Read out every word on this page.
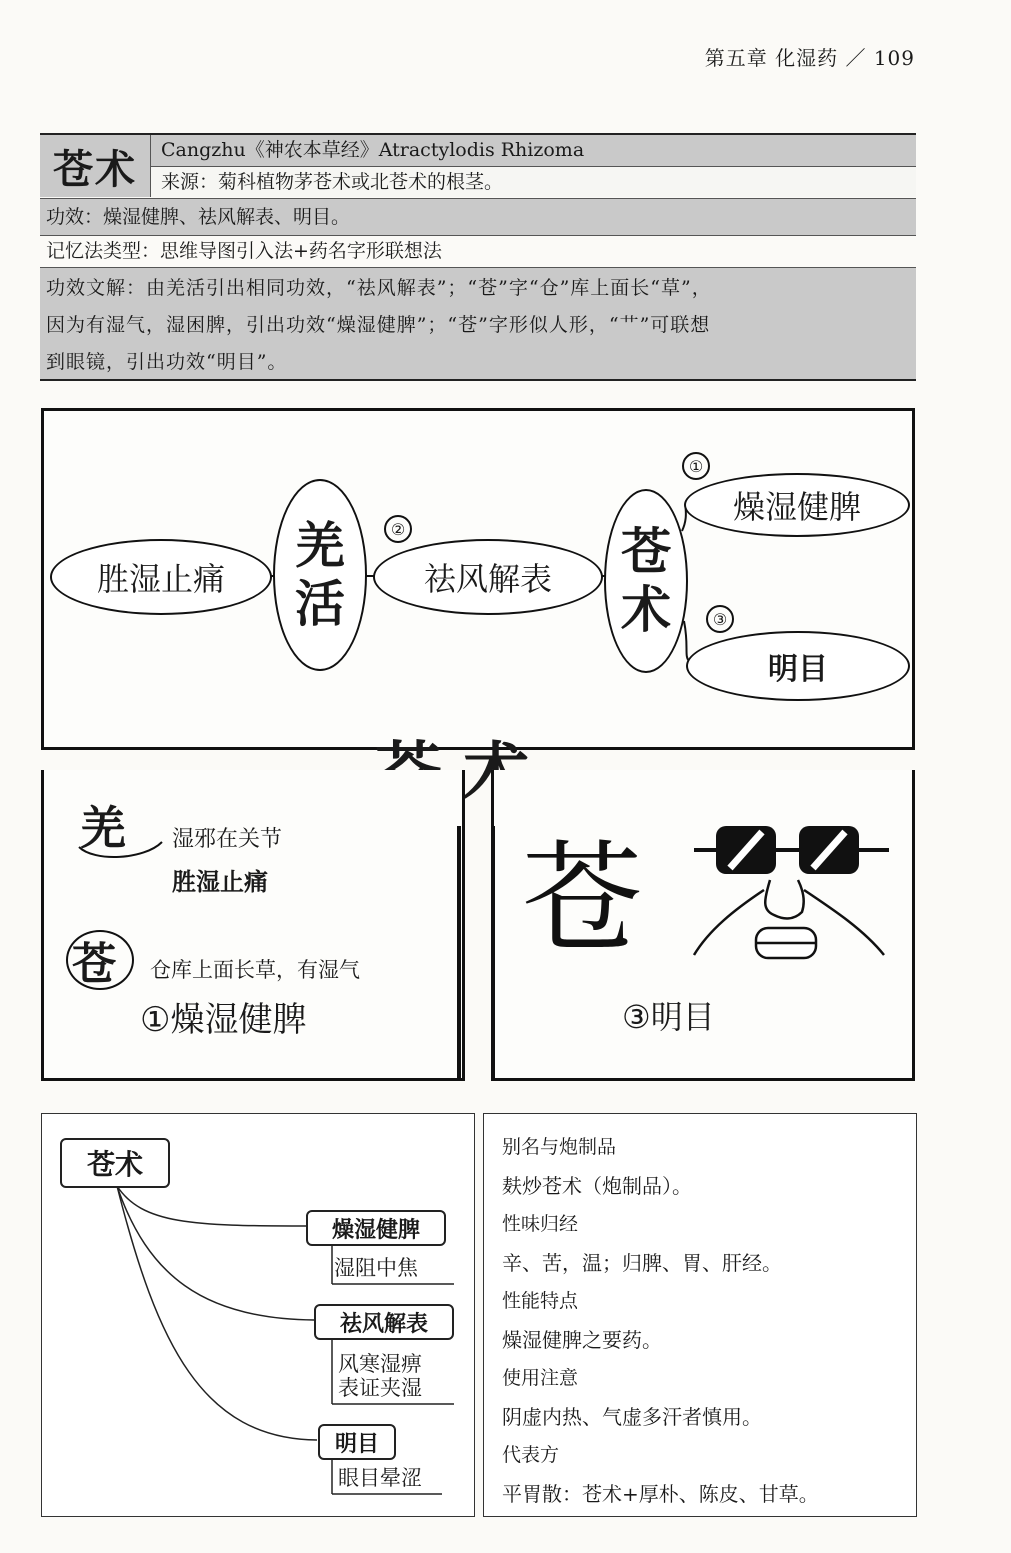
第五章 化湿药 ／ 109
苍术	Cangzhu《神农本草经》Atractylodis Rhizoma
来源：菊科植物茅苍术或北苍术的根茎。
功效：燥湿健脾、祛风解表、明目。
记忆法类型：思维导图引入法+药名字形联想法
功效文解：由羌活引出相同功效，“祛风解表”；“苍”字“仓”库上面长“草”，
因为有湿气，湿困脾，引出功效“燥湿健脾”；“苍”字形似人形，“艹”可联想
到眼镜，引出功效“明目”。
胜湿止痛
羌
活
②
祛风解表 苍
术
①
燥湿健脾
③
明目
羌 湿邪在关节
胜湿止痛
苍 仓库上面长草，有湿气
①燥湿健脾
苍
③明目
苍术
燥湿健脾
湿阻中焦
祛风解表
风寒湿痹
表证夹湿
明目
眼目晕涩
别名与炮制品
麸炒苍术（炮制品）。
性味归经
辛、苦，温；归脾、胃、肝经。
性能特点
燥湿健脾之要药。
使用注意
阴虚内热、气虚多汗者慎用。
代表方
平胃散：苍术+厚朴、陈皮、甘草。
